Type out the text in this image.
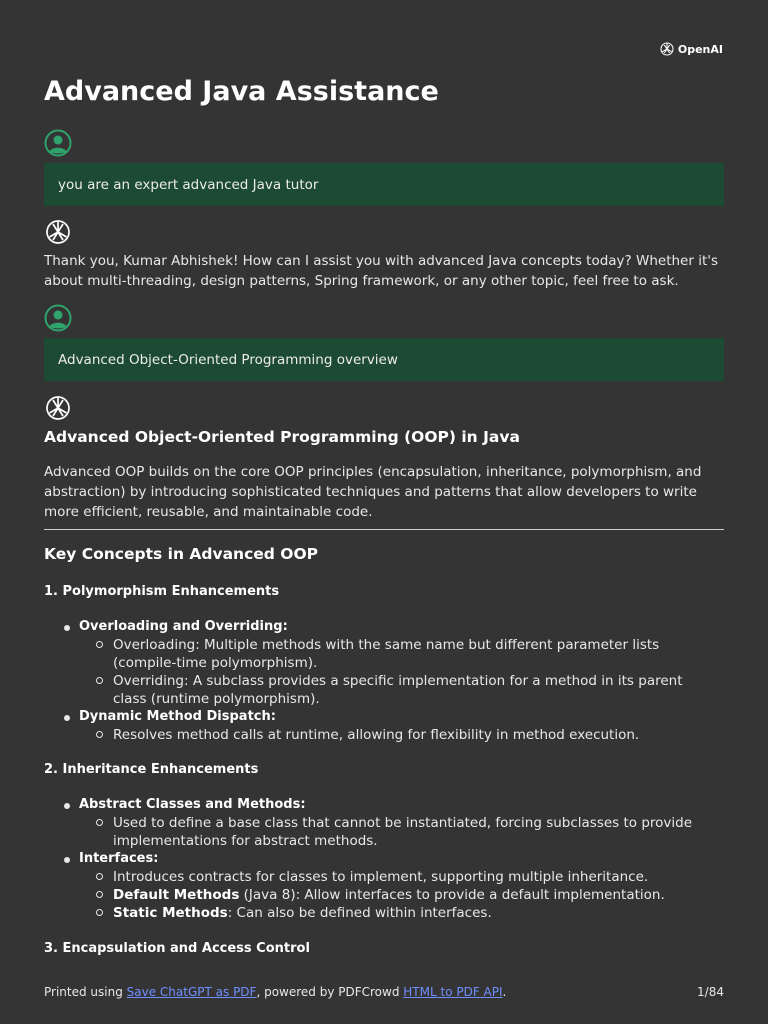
OpenAI
Advanced Java Assistance
you are an expert advanced Java tutor

Thank you, Kumar Abhishek! How can I assist you with advanced Java concepts today? Whether it's about multi-threading, design patterns, Spring framework, or any other topic, feel free to ask.

Advanced Object-Oriented Programming overview
Advanced Object-Oriented Programming (OOP) in Java

Advanced OOP builds on the core OOP principles (encapsulation, inheritance, polymorphism, and abstraction) by introducing sophisticated techniques and patterns that allow developers to write more efficient, reusable, and maintainable code.

Key Concepts in Advanced OOP
1. Polymorphism Enhancements
Overloading and Overriding:
Overloading: Multiple methods with the same name but different parameter lists (compile-time polymorphism).
Overriding: A subclass provides a specific implementation for a method in its parent class (runtime polymorphism).
Dynamic Method Dispatch:
Resolves method calls at runtime, allowing for flexibility in method execution.
2. Inheritance Enhancements
Abstract Classes and Methods:
Used to define a base class that cannot be instantiated, forcing subclasses to provide implementations for abstract methods.
Interfaces:
Introduces contracts for classes to implement, supporting multiple inheritance.
Default Methods (Java 8): Allow interfaces to provide a default implementation.
Static Methods: Can also be defined within interfaces.
3. Encapsulation and Access Control
Printed using Save ChatGPT as PDF, powered by PDFCrowd HTML to PDF API.	1/84
